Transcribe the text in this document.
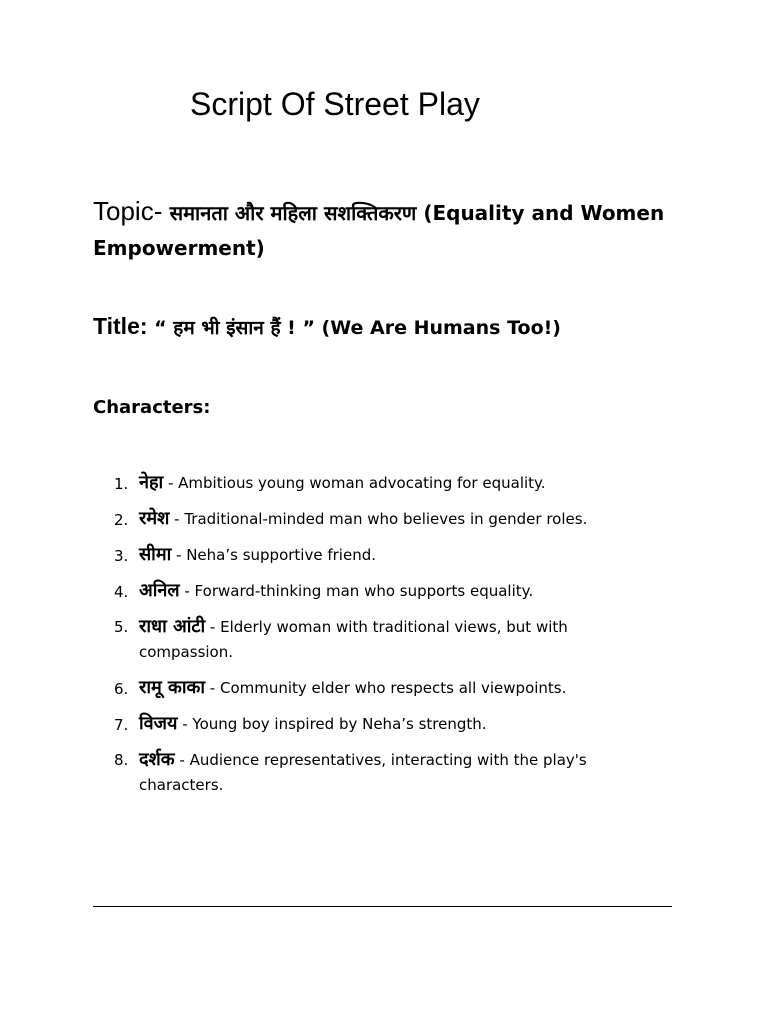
Script Of Street Play
Topic- समानता और महिला सशक्तिकरण (Equality and Women Empowerment)
Title: “ हम भी इंसान हैं ! ” (We Are Humans Too!)
Characters:
1. नेहा - Ambitious young woman advocating for equality.
2. रमेश - Traditional-minded man who believes in gender roles.
3. सीमा - Neha’s supportive friend.
4. अनिल - Forward-thinking man who supports equality.
5. राधा आंटी - Elderly woman with traditional views, but with compassion.
6. रामू काका - Community elder who respects all viewpoints.
7. विजय - Young boy inspired by Neha’s strength.
8. दर्शक - Audience representatives, interacting with the play's characters.
